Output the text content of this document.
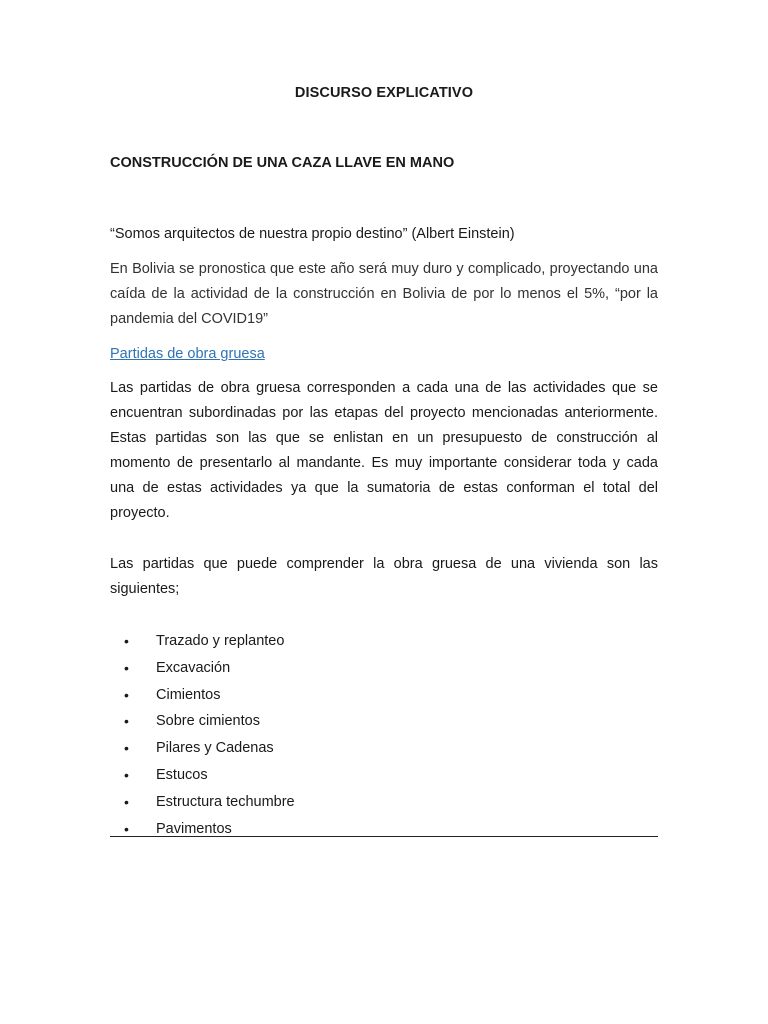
DISCURSO EXPLICATIVO
CONSTRUCCIÓN DE UNA CAZA LLAVE EN MANO
“Somos arquitectos de nuestra propio destino” (Albert Einstein)
En Bolivia se pronostica que este año será muy duro y complicado, proyectando una caída de la actividad de la construcción en Bolivia de por lo menos el 5%, “por la pandemia del COVID19”
Partidas de obra gruesa
Las partidas de obra gruesa corresponden a cada una de las actividades que se encuentran subordinadas por las etapas del proyecto mencionadas anteriormente. Estas partidas son las que se enlistan en un presupuesto de construcción al momento de presentarlo al mandante. Es muy importante considerar toda y cada una de estas actividades ya que la sumatoria de estas conforman el total del proyecto.
Las partidas que puede comprender la obra gruesa de una vivienda son las siguientes;
• Trazado y replanteo
• Excavación
• Cimientos
• Sobre cimientos
• Pilares y Cadenas
• Estucos
• Estructura techumbre
• Pavimentos
